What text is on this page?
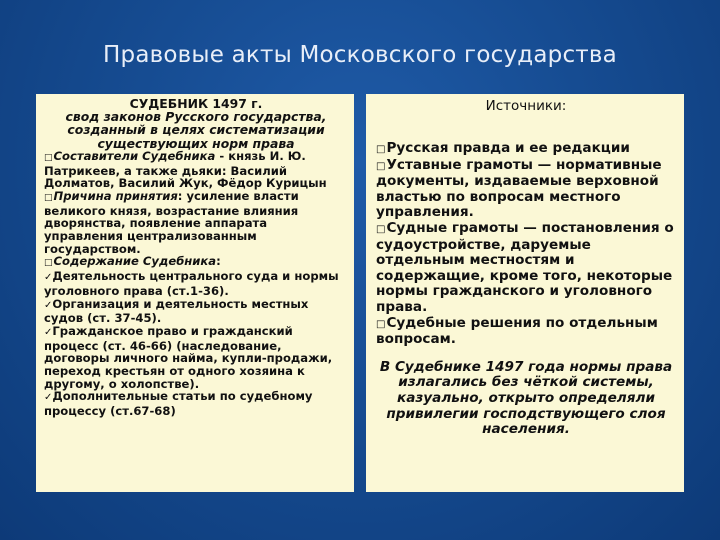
Правовые акты Московского государства
СУДЕБНИК 1497 г.
свод законов Русского государства, созданный в целях систематизации существующих норм права
□Составители Судебника - князь И. Ю. Патрикеев, а также дьяки: Василий Долматов, Василий Жук, Фёдор Курицын
□Причина принятия: усиление власти великого князя, возрастание влияния дворянства, появление аппарата управления централизованным государством.
□Содержание Судебника:
✓Деятельность центрального суда и нормы уголовного права (ст.1-36).
✓Организация и деятельность местных судов (ст. 37-45).
✓Гражданское право и гражданский процесс (ст. 46-66) (наследование, договоры личного найма, купли-продажи, переход крестьян от одного хозяина к другому, о холопстве).
✓Дополнительные статьи по судебному процессу (ст.67-68)
Источники:
□Русская правда и ее редакции
□Уставные грамоты — нормативные документы, издаваемые верховной властью по вопросам местного управления.
□Судные грамоты — постановления о судоустройстве, даруемые отдельным местностям и содержащие, кроме того, некоторые нормы гражданского и уголовного права.
□Судебные решения по отдельным вопросам.
В Судебнике 1497 года нормы права излагались без чёткой системы, казуально, открыто определяли привилегии господствующего слоя населения.
